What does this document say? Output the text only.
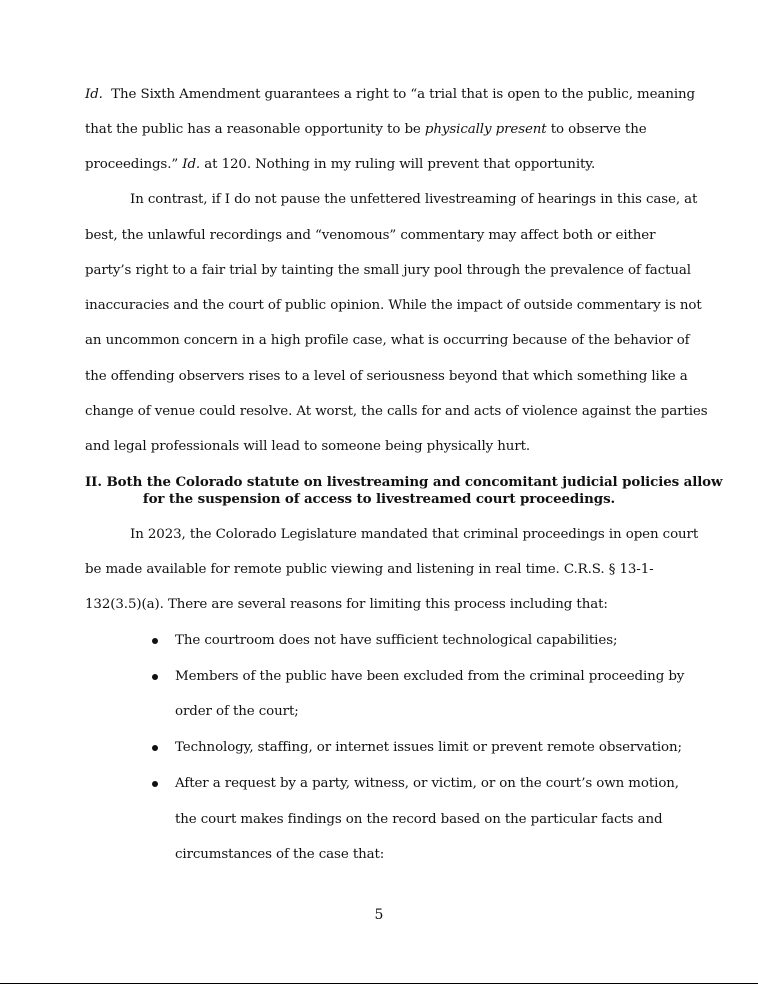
Id. The Sixth Amendment guarantees a right to “a trial that is open to the public, meaning
that the public has a reasonable opportunity to be physically present to observe the
proceedings.” Id. at 120. Nothing in my ruling will prevent that opportunity.
In contrast, if I do not pause the unfettered livestreaming of hearings in this case, at
best, the unlawful recordings and “venomous” commentary may affect both or either
party’s right to a fair trial by tainting the small jury pool through the prevalence of factual
inaccuracies and the court of public opinion. While the impact of outside commentary is not
an uncommon concern in a high profile case, what is occurring because of the behavior of
the offending observers rises to a level of seriousness beyond that which something like a
change of venue could resolve. At worst, the calls for and acts of violence against the parties
and legal professionals will lead to someone being physically hurt.
II. Both the Colorado statute on livestreaming and concomitant judicial policies allow
for the suspension of access to livestreamed court proceedings.
In 2023, the Colorado Legislature mandated that criminal proceedings in open court
be made available for remote public viewing and listening in real time. C.R.S. § 13-1-
132(3.5)(a). There are several reasons for limiting this process including that:
The courtroom does not have sufficient technological capabilities;
Members of the public have been excluded from the criminal proceeding by
order of the court;
Technology, staffing, or internet issues limit or prevent remote observation;
After a request by a party, witness, or victim, or on the court’s own motion,
the court makes findings on the record based on the particular facts and
circumstances of the case that:
5
